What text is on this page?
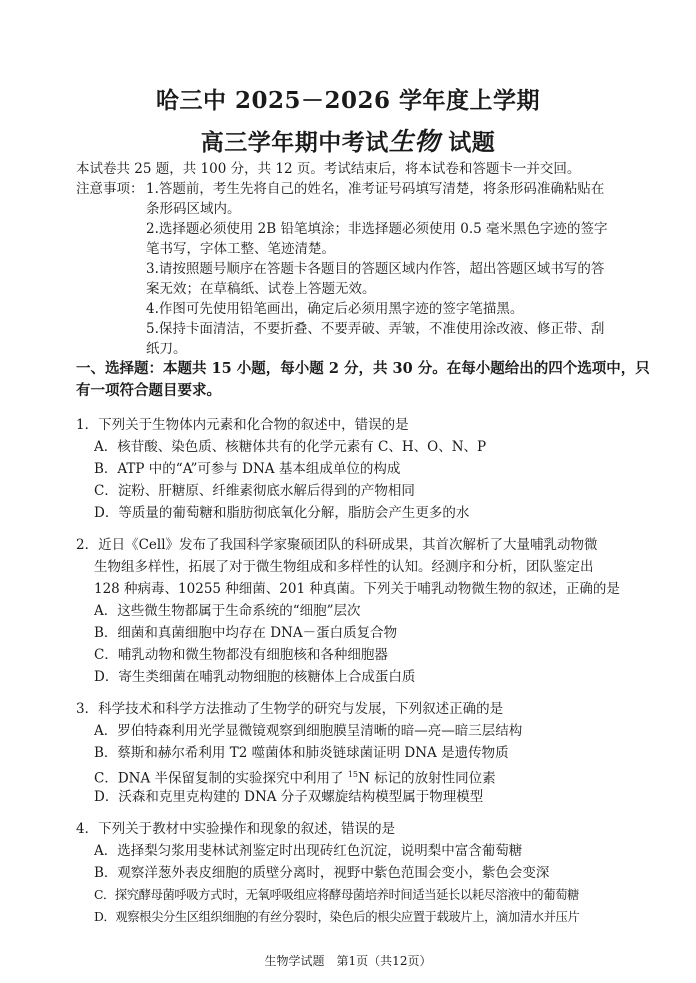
哈三中 2025－2026 学年度上学期
高三学年期中考试生物 试题
本试卷共 25 题，共 100 分，共 12 页。考试结束后，将本试卷和答题卡一并交回。
注意事项： 1.答题前，考生先将自己的姓名，准考证号码填写清楚，将条形码准确粘贴在
条形码区域内。
2.选择题必须使用 2B 铅笔填涂；非选择题必须使用 0.5 毫米黑色字迹的签字
笔书写，字体工整、笔迹清楚。
3.请按照题号顺序在答题卡各题目的答题区域内作答，超出答题区域书写的答
案无效；在草稿纸、试卷上答题无效。
4.作图可先使用铅笔画出，确定后必须用黑字迹的签字笔描黑。
5.保持卡面清洁，不要折叠、不要弄破、弄皱，不准使用涂改液、修正带、刮
纸刀。
一、选择题：本题共 15 小题，每小题 2 分，共 30 分。在每小题给出的四个选项中，只
有一项符合题目要求。
1．下列关于生物体内元素和化合物的叙述中，错误的是
A．核苷酸、染色质、核糖体共有的化学元素有 C、H、O、N、P
B．ATP 中的“A”可参与 DNA 基本组成单位的构成
C．淀粉、肝糖原、纤维素彻底水解后得到的产物相同
D．等质量的葡萄糖和脂肪彻底氧化分解，脂肪会产生更多的水
2．近日《Cell》发布了我国科学家聚硕团队的科研成果，其首次解析了大量哺乳动物微
生物组多样性，拓展了对于微生物组成和多样性的认知。经测序和分析，团队鉴定出
128 种病毒、10255 种细菌、201 种真菌。下列关于哺乳动物微生物的叙述，正确的是
A．这些微生物都属于生命系统的“细胞”层次
B．细菌和真菌细胞中均存在 DNA－蛋白质复合物
C．哺乳动物和微生物都没有细胞核和各种细胞器
D．寄生类细菌在哺乳动物细胞的核糖体上合成蛋白质
3．科学技术和科学方法推动了生物学的研究与发展，下列叙述正确的是
A．罗伯特森利用光学显微镜观察到细胞膜呈清晰的暗—亮—暗三层结构
B．蔡斯和赫尔希利用 T2 噬菌体和肺炎链球菌证明 DNA 是遗传物质
C．DNA 半保留复制的实验探究中利用了 $^{15}$N 标记的放射性同位素
D．沃森和克里克构建的 DNA 分子双螺旋结构模型属于物理模型
4．下列关于教材中实验操作和现象的叙述，错误的是
A．选择梨匀浆用斐林试剂鉴定时出现砖红色沉淀，说明梨中富含葡萄糖
B．观察洋葱外表皮细胞的质壁分离时，视野中紫色范围会变小，紫色会变深
C．探究酵母菌呼吸方式时，无氧呼吸组应将酵母菌培养时间适当延长以耗尽溶液中的葡萄糖
D．观察根尖分生区组织细胞的有丝分裂时，染色后的根尖应置于载玻片上，滴加清水并压片
生物学试题　第1页（共12页）
